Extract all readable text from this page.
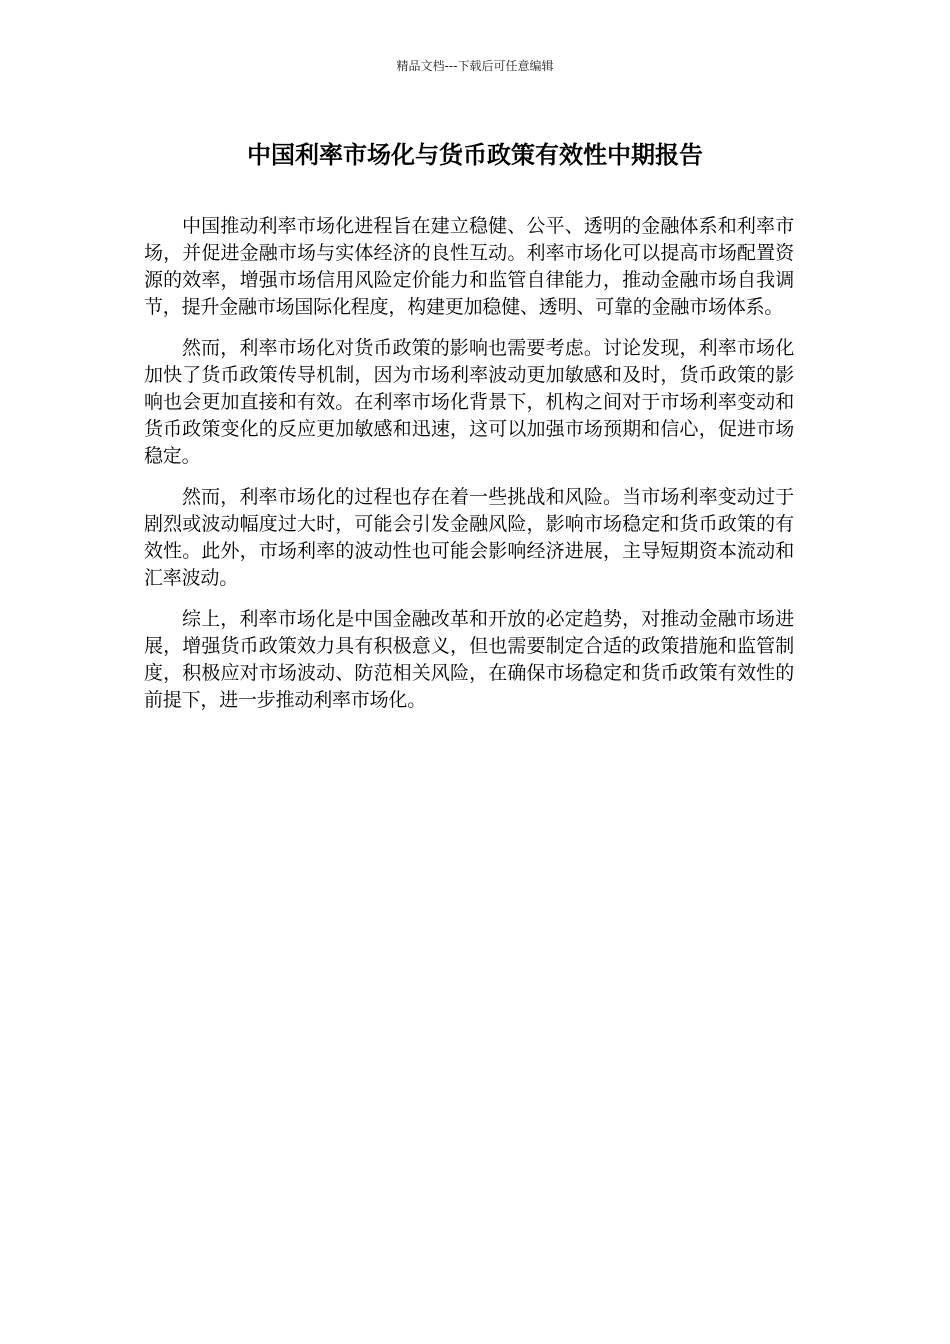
精品文档---下载后可任意编辑
中国利率市场化与货币政策有效性中期报告

中国推动利率市场化进程旨在建立稳健、公平、透明的金融体系和利率市场，并促进金融市场与实体经济的良性互动。利率市场化可以提高市场配置资源的效率，增强市场信用风险定价能力和监管自律能力，推动金融市场自我调节，提升金融市场国际化程度，构建更加稳健、透明、可靠的金融市场体系。

然而，利率市场化对货币政策的影响也需要考虑。讨论发现，利率市场化加快了货币政策传导机制，因为市场利率波动更加敏感和及时，货币政策的影响也会更加直接和有效。在利率市场化背景下，机构之间对于市场利率变动和货币政策变化的反应更加敏感和迅速，这可以加强市场预期和信心，促进市场稳定。

然而，利率市场化的过程也存在着一些挑战和风险。当市场利率变动过于剧烈或波动幅度过大时，可能会引发金融风险，影响市场稳定和货币政策的有效性。此外，市场利率的波动性也可能会影响经济进展，主导短期资本流动和汇率波动。

综上，利率市场化是中国金融改革和开放的必定趋势，对推动金融市场进展，增强货币政策效力具有积极意义，但也需要制定合适的政策措施和监管制度，积极应对市场波动、防范相关风险，在确保市场稳定和货币政策有效性的前提下，进一步推动利率市场化。
